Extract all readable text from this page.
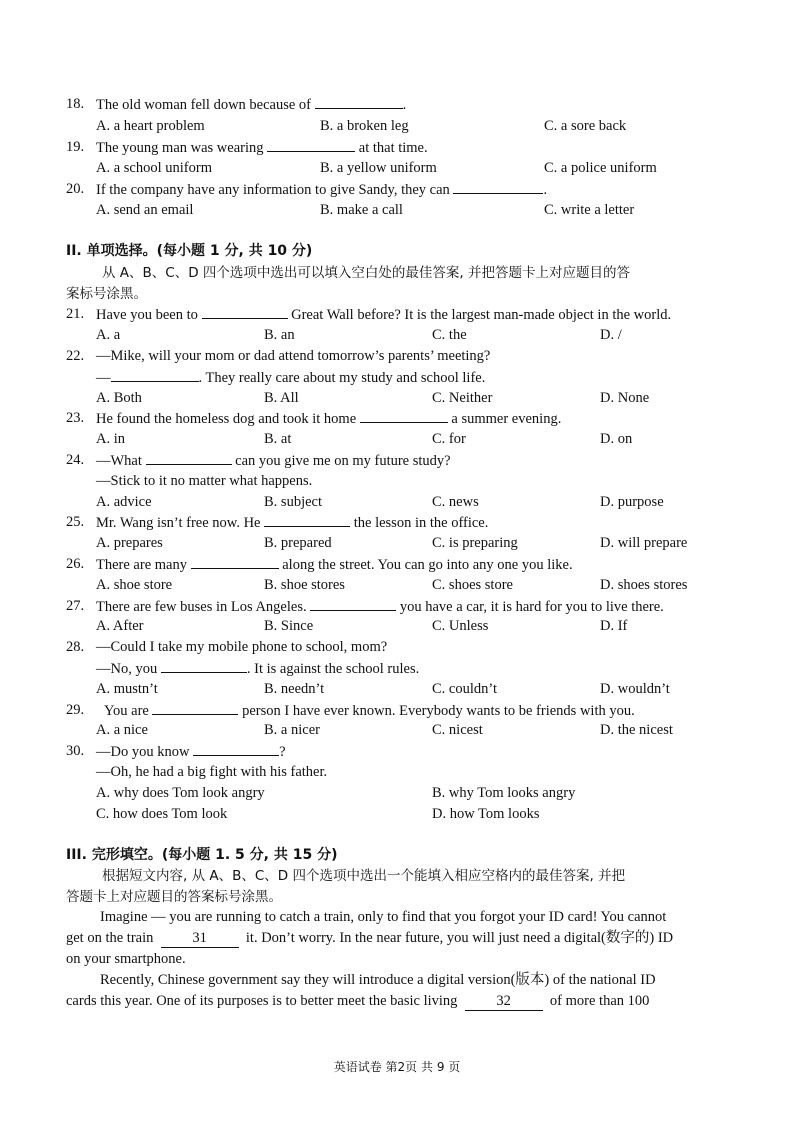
18. The old woman fell down because of	.
A. a heart problem	B. a broken leg	C. a sore back
19. The young man was wearing	at that time.
A. a school uniform	B. a yellow uniform	C. a police uniform
20. If the company have any information to give Sandy, they can	.
A. send an email	B. make a call	C. write a letter
II. 单项选择。(每小题 1 分, 共 10 分)
从 A、B、C、D 四个选项中选出可以填入空白处的最佳答案, 并把答题卡上对应题目的答
案标号涂黑。
21. Have you been to	Great Wall before? It is the largest man-made object in the world.
A. a	B. an	C. the	D. /
22. —Mike, will your mom or dad attend tomorrow’s parents’ meeting?
—	. They really care about my study and school life.
A. Both	B. All	C. Neither	D. None
23. He found the homeless dog and took it home	a summer evening.
A. in	B. at	C. for	D. on
24. —What	can you give me on my future study?
—Stick to it no matter what happens.
A. advice	B. subject	C. news	D. purpose
25. Mr. Wang isn’t free now. He	the lesson in the office.
A. prepares	B. prepared	C. is preparing	D. will prepare
26. There are many	along the street. You can go into any one you like.
A. shoe store	B. shoe stores	C. shoes store	D. shoes stores
27. There are few buses in Los Angeles.	you have a car, it is hard for you to live there.
A. After	B. Since	C. Unless	D. If
28. —Could I take my mobile phone to school, mom?
—No, you	. It is against the school rules.
A. mustn’t	B. needn’t	C. couldn’t	D. wouldn’t
29. You are	person I have ever known. Everybody wants to be friends with you.
A. a nice	B. a nicer	C. nicest	D. the nicest
30. —Do you know	?
—Oh, he had a big fight with his father.
A. why does Tom look angry	B. why Tom looks angry
C. how does Tom look	D. how Tom looks
III. 完形填空。(每小题 1. 5 分, 共 15 分)
根据短文内容, 从 A、B、C、D 四个选项中选出一个能填入相应空格内的最佳答案, 并把
答题卡上对应题目的答案标号涂黑。
Imagine — you are running to catch a train, only to find that you forgot your ID card! You cannot
get on the train	31	it. Don’t worry. In the near future, you will just need a digital(数字的) ID
on your smartphone.
Recently, Chinese government say they will introduce a digital version(版本) of the national ID
cards this year. One of its purposes is to better meet the basic living	32	of more than 100
英语试卷 第2页 共 9 页
